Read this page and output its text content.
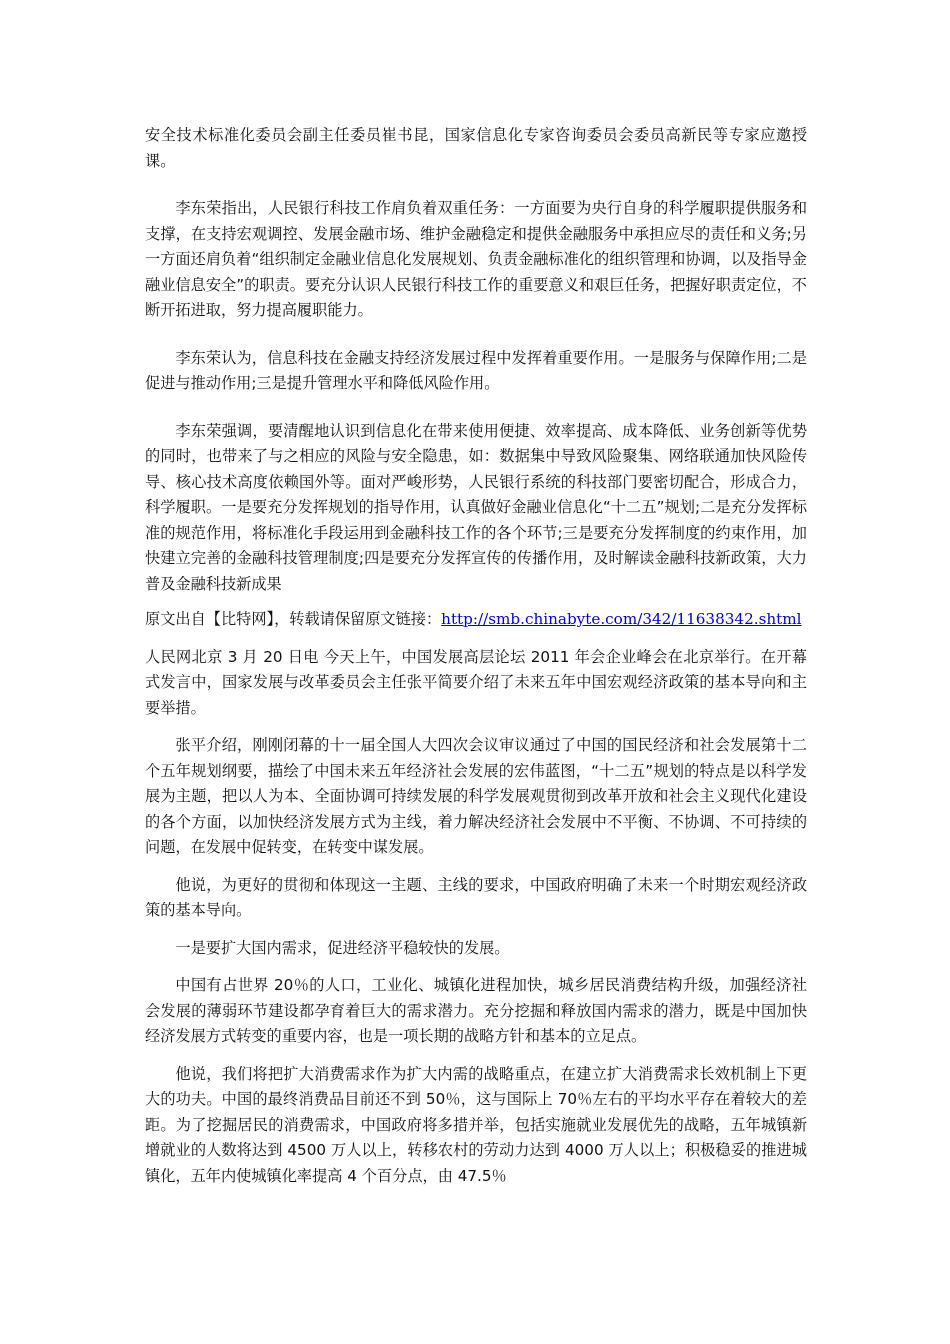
安全技术标准化委员会副主任委员崔书昆，国家信息化专家咨询委员会委员高新民等专家应邀授课。

李东荣指出，人民银行科技工作肩负着双重任务：一方面要为央行自身的科学履职提供服务和支撑，在支持宏观调控、发展金融市场、维护金融稳定和提供金融服务中承担应尽的责任和义务;另一方面还肩负着“组织制定金融业信息化发展规划、负责金融标准化的组织管理和协调，以及指导金融业信息安全”的职责。要充分认识人民银行科技工作的重要意义和艰巨任务，把握好职责定位，不断开拓进取，努力提高履职能力。

李东荣认为，信息科技在金融支持经济发展过程中发挥着重要作用。一是服务与保障作用;二是促进与推动作用;三是提升管理水平和降低风险作用。

李东荣强调，要清醒地认识到信息化在带来使用便捷、效率提高、成本降低、业务创新等优势的同时，也带来了与之相应的风险与安全隐患，如：数据集中导致风险聚集、网络联通加快风险传导、核心技术高度依赖国外等。面对严峻形势，人民银行系统的科技部门要密切配合，形成合力，科学履职。一是要充分发挥规划的指导作用，认真做好金融业信息化“十二五”规划;二是充分发挥标准的规范作用，将标准化手段运用到金融科技工作的各个环节;三是要充分发挥制度的约束作用，加快建立完善的金融科技管理制度;四是要充分发挥宣传的传播作用，及时解读金融科技新政策，大力普及金融科技新成果

原文出自【比特网】，转载请保留原文链接：http://smb.chinabyte.com/342/11638342.shtml

人民网北京 3 月 20 日电 今天上午，中国发展高层论坛 2011 年会企业峰会在北京举行。在开幕式发言中，国家发展与改革委员会主任张平简要介绍了未来五年中国宏观经济政策的基本导向和主要举措。

张平介绍，刚刚闭幕的十一届全国人大四次会议审议通过了中国的国民经济和社会发展第十二个五年规划纲要，描绘了中国未来五年经济社会发展的宏伟蓝图，“十二五”规划的特点是以科学发展为主题，把以人为本、全面协调可持续发展的科学发展观贯彻到改革开放和社会主义现代化建设的各个方面，以加快经济发展方式为主线，着力解决经济社会发展中不平衡、不协调、不可持续的问题，在发展中促转变，在转变中谋发展。

他说，为更好的贯彻和体现这一主题、主线的要求，中国政府明确了未来一个时期宏观经济政策的基本导向。

一是要扩大国内需求，促进经济平稳较快的发展。

中国有占世界 20％的人口，工业化、城镇化进程加快，城乡居民消费结构升级，加强经济社会发展的薄弱环节建设都孕育着巨大的需求潜力。充分挖掘和释放国内需求的潜力，既是中国加快经济发展方式转变的重要内容，也是一项长期的战略方针和基本的立足点。

他说，我们将把扩大消费需求作为扩大内需的战略重点，在建立扩大消费需求长效机制上下更大的功夫。中国的最终消费品目前还不到 50％，这与国际上 70％左右的平均水平存在着较大的差距。为了挖掘居民的消费需求，中国政府将多措并举，包括实施就业发展优先的战略，五年城镇新增就业的人数将达到 4500 万人以上，转移农村的劳动力达到 4000 万人以上；积极稳妥的推进城镇化，五年内使城镇化率提高 4 个百分点，由 47.5％
